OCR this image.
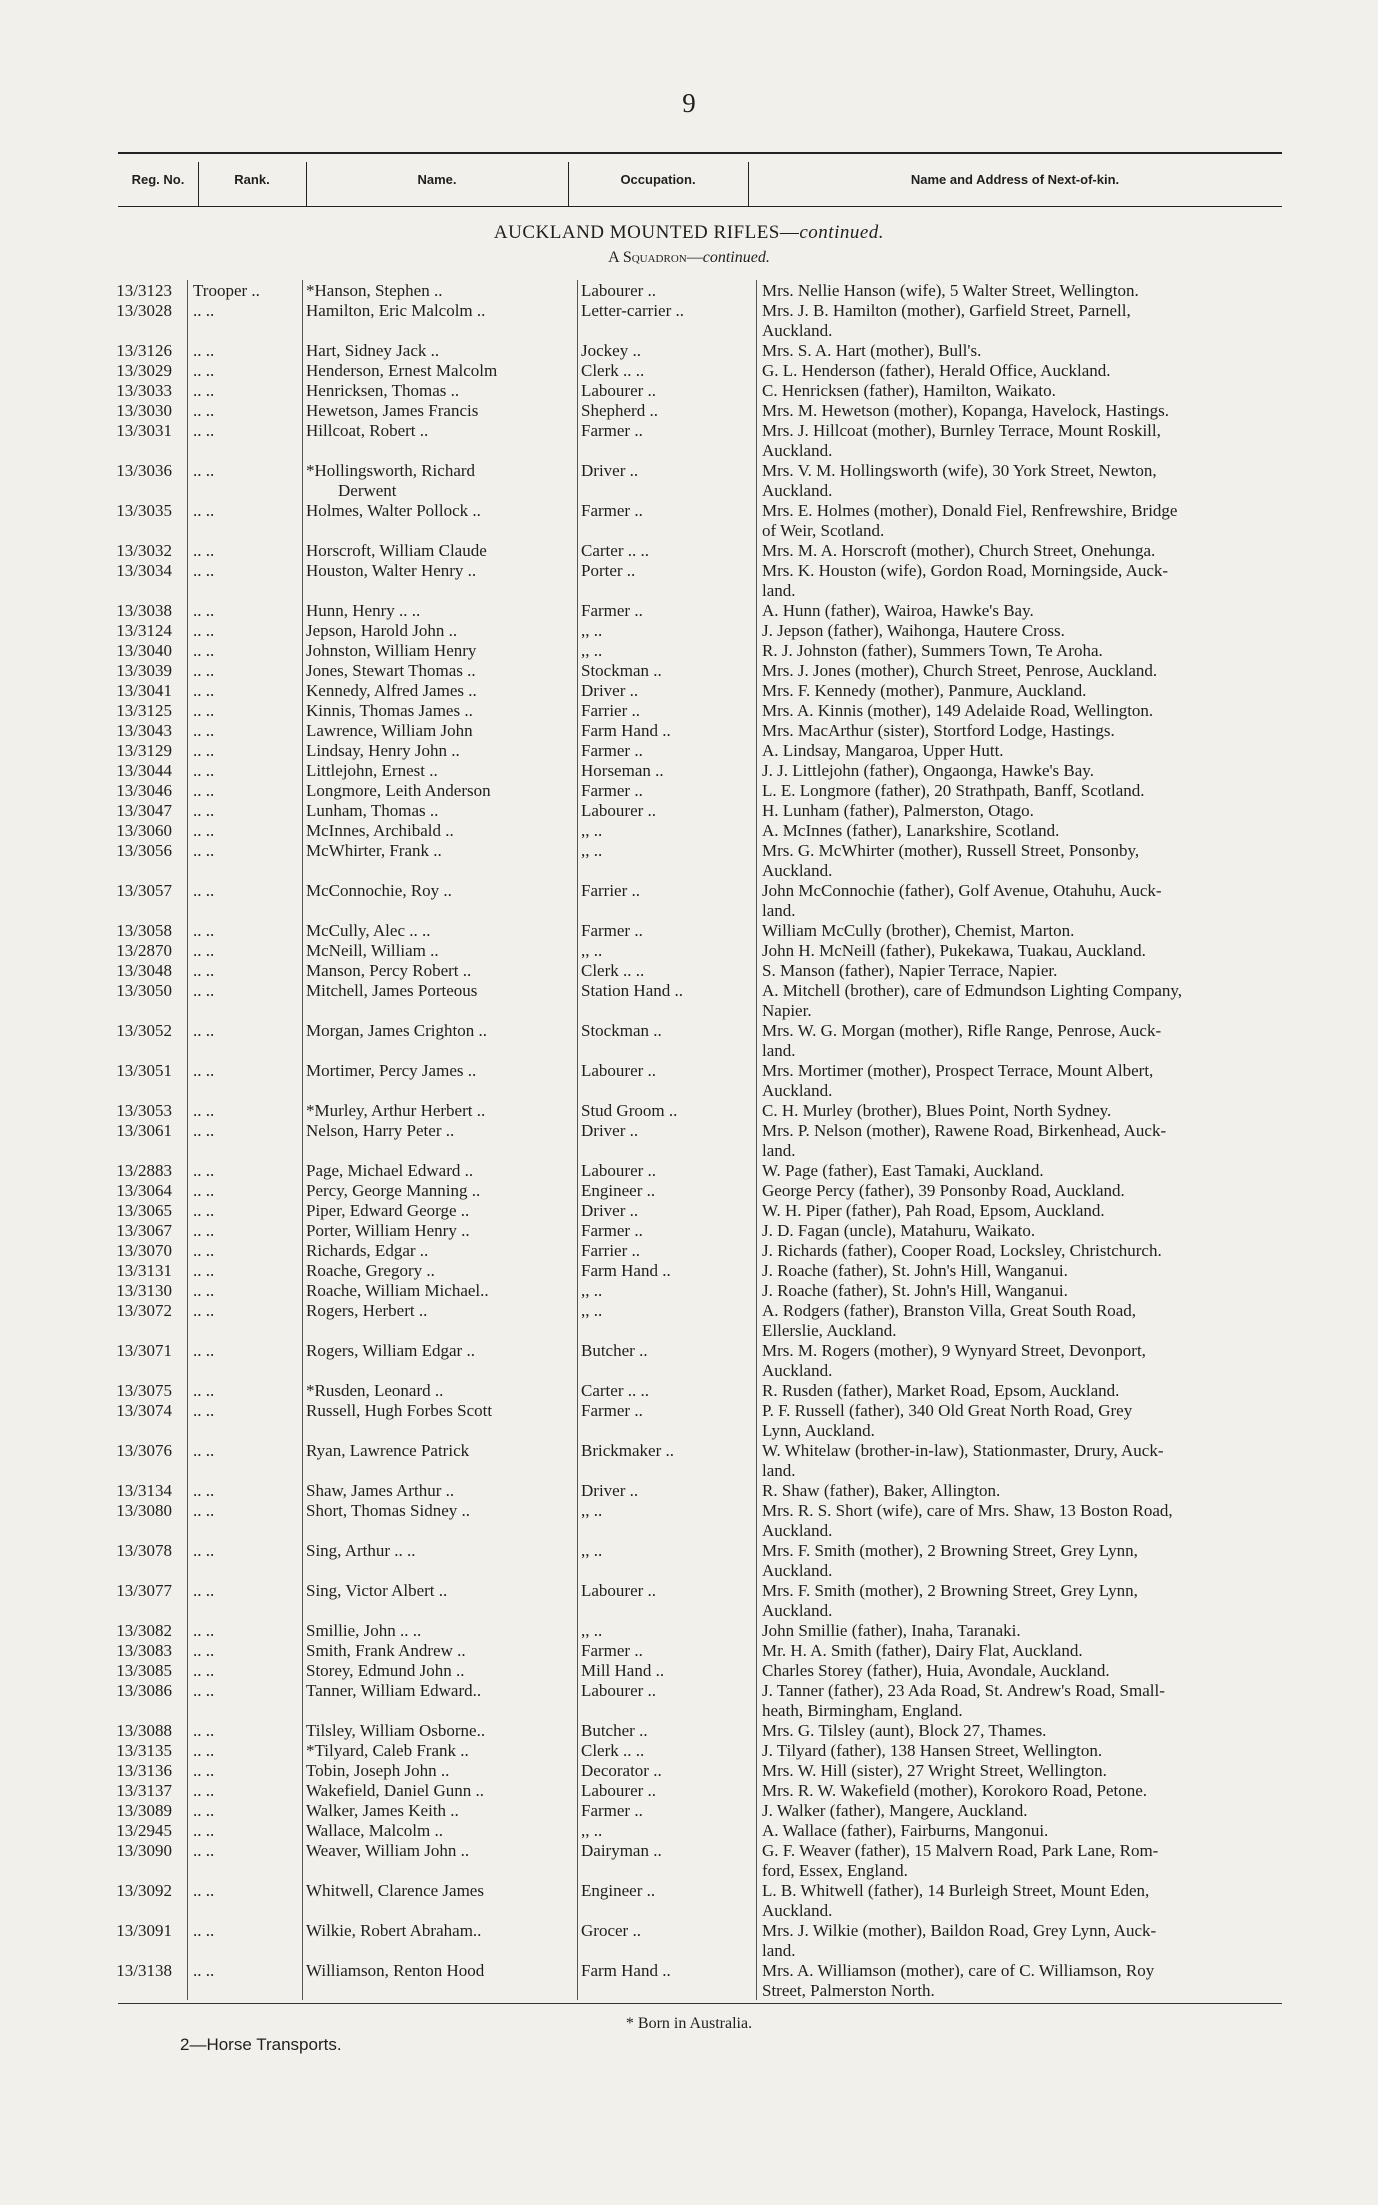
9
Reg. No.	Rank.	Name.	Occupation.	Name and Address of Next-of-kin.
AUCKLAND MOUNTED RIFLES—continued.
A Squadron—continued.
13/3123 Trooper ..	*Hanson, Stephen ..	Labourer ..	Mrs. Nellie Hanson (wife), 5 Walter Street, Wellington.
13/3028 .. ..	Hamilton, Eric Malcolm ..	Letter-carrier ..	Mrs. J. B. Hamilton (mother), Garfield Street, Parnell,
Auckland.
13/3126 .. ..	Hart, Sidney Jack ..	Jockey ..	Mrs. S. A. Hart (mother), Bull's.
13/3029 .. ..	Henderson, Ernest Malcolm	Clerk .. ..	G. L. Henderson (father), Herald Office, Auckland.
13/3033 .. ..	Henricksen, Thomas ..	Labourer ..	C. Henricksen (father), Hamilton, Waikato.
13/3030 .. ..	Hewetson, James Francis	Shepherd ..	Mrs. M. Hewetson (mother), Kopanga, Havelock, Hastings.
13/3031 .. ..	Hillcoat, Robert ..	Farmer ..	Mrs. J. Hillcoat (mother), Burnley Terrace, Mount Roskill,
Auckland.
13/3036 .. ..	*Hollingsworth, Richard	Driver ..	Mrs. V. M. Hollingsworth (wife), 30 York Street, Newton,
Derwent	Auckland.
13/3035 .. ..	Holmes, Walter Pollock ..	Farmer ..	Mrs. E. Holmes (mother), Donald Fiel, Renfrewshire, Bridge
of Weir, Scotland.
13/3032 .. ..	Horscroft, William Claude	Carter .. ..	Mrs. M. A. Horscroft (mother), Church Street, Onehunga.
13/3034 .. ..	Houston, Walter Henry ..	Porter ..	Mrs. K. Houston (wife), Gordon Road, Morningside, Auck-
land.
13/3038 .. ..	Hunn, Henry .. ..	Farmer ..	A. Hunn (father), Wairoa, Hawke's Bay.
13/3124 .. ..	Jepson, Harold John ..	,, ..	J. Jepson (father), Waihonga, Hautere Cross.
13/3040 .. ..	Johnston, William Henry	,, ..	R. J. Johnston (father), Summers Town, Te Aroha.
13/3039 .. ..	Jones, Stewart Thomas ..	Stockman ..	Mrs. J. Jones (mother), Church Street, Penrose, Auckland.
13/3041 .. ..	Kennedy, Alfred James ..	Driver ..	Mrs. F. Kennedy (mother), Panmure, Auckland.
13/3125 .. ..	Kinnis, Thomas James ..	Farrier ..	Mrs. A. Kinnis (mother), 149 Adelaide Road, Wellington.
13/3043 .. ..	Lawrence, William John	Farm Hand ..	Mrs. MacArthur (sister), Stortford Lodge, Hastings.
13/3129 .. ..	Lindsay, Henry John ..	Farmer ..	A. Lindsay, Mangaroa, Upper Hutt.
13/3044 .. ..	Littlejohn, Ernest ..	Horseman ..	J. J. Littlejohn (father), Ongaonga, Hawke's Bay.
13/3046 .. ..	Longmore, Leith Anderson	Farmer ..	L. E. Longmore (father), 20 Strathpath, Banff, Scotland.
13/3047 .. ..	Lunham, Thomas ..	Labourer ..	H. Lunham (father), Palmerston, Otago.
13/3060 .. ..	McInnes, Archibald ..	,, ..	A. McInnes (father), Lanarkshire, Scotland.
13/3056 .. ..	McWhirter, Frank ..	,, ..	Mrs. G. McWhirter (mother), Russell Street, Ponsonby,
Auckland.
13/3057 .. ..	McConnochie, Roy ..	Farrier ..	John McConnochie (father), Golf Avenue, Otahuhu, Auck-
land.
13/3058 .. ..	McCully, Alec .. ..	Farmer ..	William McCully (brother), Chemist, Marton.
13/2870 .. ..	McNeill, William ..	,, ..	John H. McNeill (father), Pukekawa, Tuakau, Auckland.
13/3048 .. ..	Manson, Percy Robert ..	Clerk .. ..	S. Manson (father), Napier Terrace, Napier.
13/3050 .. ..	Mitchell, James Porteous	Station Hand ..	A. Mitchell (brother), care of Edmundson Lighting Company,
Napier.
13/3052 .. ..	Morgan, James Crighton ..	Stockman ..	Mrs. W. G. Morgan (mother), Rifle Range, Penrose, Auck-
land.
13/3051 .. ..	Mortimer, Percy James ..	Labourer ..	Mrs. Mortimer (mother), Prospect Terrace, Mount Albert,
Auckland.
13/3053 .. ..	*Murley, Arthur Herbert ..	Stud Groom ..	C. H. Murley (brother), Blues Point, North Sydney.
13/3061 .. ..	Nelson, Harry Peter ..	Driver ..	Mrs. P. Nelson (mother), Rawene Road, Birkenhead, Auck-
land.
13/2883 .. ..	Page, Michael Edward ..	Labourer ..	W. Page (father), East Tamaki, Auckland.
13/3064 .. ..	Percy, George Manning ..	Engineer ..	George Percy (father), 39 Ponsonby Road, Auckland.
13/3065 .. ..	Piper, Edward George ..	Driver ..	W. H. Piper (father), Pah Road, Epsom, Auckland.
13/3067 .. ..	Porter, William Henry ..	Farmer ..	J. D. Fagan (uncle), Matahuru, Waikato.
13/3070 .. ..	Richards, Edgar ..	Farrier ..	J. Richards (father), Cooper Road, Locksley, Christchurch.
13/3131 .. ..	Roache, Gregory ..	Farm Hand ..	J. Roache (father), St. John's Hill, Wanganui.
13/3130 .. ..	Roache, William Michael..	,, ..	J. Roache (father), St. John's Hill, Wanganui.
13/3072 .. ..	Rogers, Herbert ..	,, ..	A. Rodgers (father), Branston Villa, Great South Road,
Ellerslie, Auckland.
13/3071 .. ..	Rogers, William Edgar ..	Butcher ..	Mrs. M. Rogers (mother), 9 Wynyard Street, Devonport,
Auckland.
13/3075 .. ..	*Rusden, Leonard ..	Carter .. ..	R. Rusden (father), Market Road, Epsom, Auckland.
13/3074 .. ..	Russell, Hugh Forbes Scott	Farmer ..	P. F. Russell (father), 340 Old Great North Road, Grey
Lynn, Auckland.
13/3076 .. ..	Ryan, Lawrence Patrick	Brickmaker ..	W. Whitelaw (brother-in-law), Stationmaster, Drury, Auck-
land.
13/3134 .. ..	Shaw, James Arthur ..	Driver ..	R. Shaw (father), Baker, Allington.
13/3080 .. ..	Short, Thomas Sidney ..	,, ..	Mrs. R. S. Short (wife), care of Mrs. Shaw, 13 Boston Road,
Auckland.
13/3078 .. ..	Sing, Arthur .. ..	,, ..	Mrs. F. Smith (mother), 2 Browning Street, Grey Lynn,
Auckland.
13/3077 .. ..	Sing, Victor Albert ..	Labourer ..	Mrs. F. Smith (mother), 2 Browning Street, Grey Lynn,
Auckland.
13/3082 .. ..	Smillie, John .. ..	,, ..	John Smillie (father), Inaha, Taranaki.
13/3083 .. ..	Smith, Frank Andrew ..	Farmer ..	Mr. H. A. Smith (father), Dairy Flat, Auckland.
13/3085 .. ..	Storey, Edmund John ..	Mill Hand ..	Charles Storey (father), Huia, Avondale, Auckland.
13/3086 .. ..	Tanner, William Edward..	Labourer ..	J. Tanner (father), 23 Ada Road, St. Andrew's Road, Small-
heath, Birmingham, England.
13/3088 .. ..	Tilsley, William Osborne..	Butcher ..	Mrs. G. Tilsley (aunt), Block 27, Thames.
13/3135 .. ..	*Tilyard, Caleb Frank ..	Clerk .. ..	J. Tilyard (father), 138 Hansen Street, Wellington.
13/3136 .. ..	Tobin, Joseph John ..	Decorator ..	Mrs. W. Hill (sister), 27 Wright Street, Wellington.
13/3137 .. ..	Wakefield, Daniel Gunn ..	Labourer ..	Mrs. R. W. Wakefield (mother), Korokoro Road, Petone.
13/3089 .. ..	Walker, James Keith ..	Farmer ..	J. Walker (father), Mangere, Auckland.
13/2945 .. ..	Wallace, Malcolm ..	,, ..	A. Wallace (father), Fairburns, Mangonui.
13/3090 .. ..	Weaver, William John ..	Dairyman ..	G. F. Weaver (father), 15 Malvern Road, Park Lane, Rom-
ford, Essex, England.
13/3092 .. ..	Whitwell, Clarence James	Engineer ..	L. B. Whitwell (father), 14 Burleigh Street, Mount Eden,
Auckland.
13/3091 .. ..	Wilkie, Robert Abraham..	Grocer ..	Mrs. J. Wilkie (mother), Baildon Road, Grey Lynn, Auck-
land.
13/3138 .. ..	Williamson, Renton Hood	Farm Hand ..	Mrs. A. Williamson (mother), care of C. Williamson, Roy
Street, Palmerston North.
* Born in Australia.
2—Horse Transports.
